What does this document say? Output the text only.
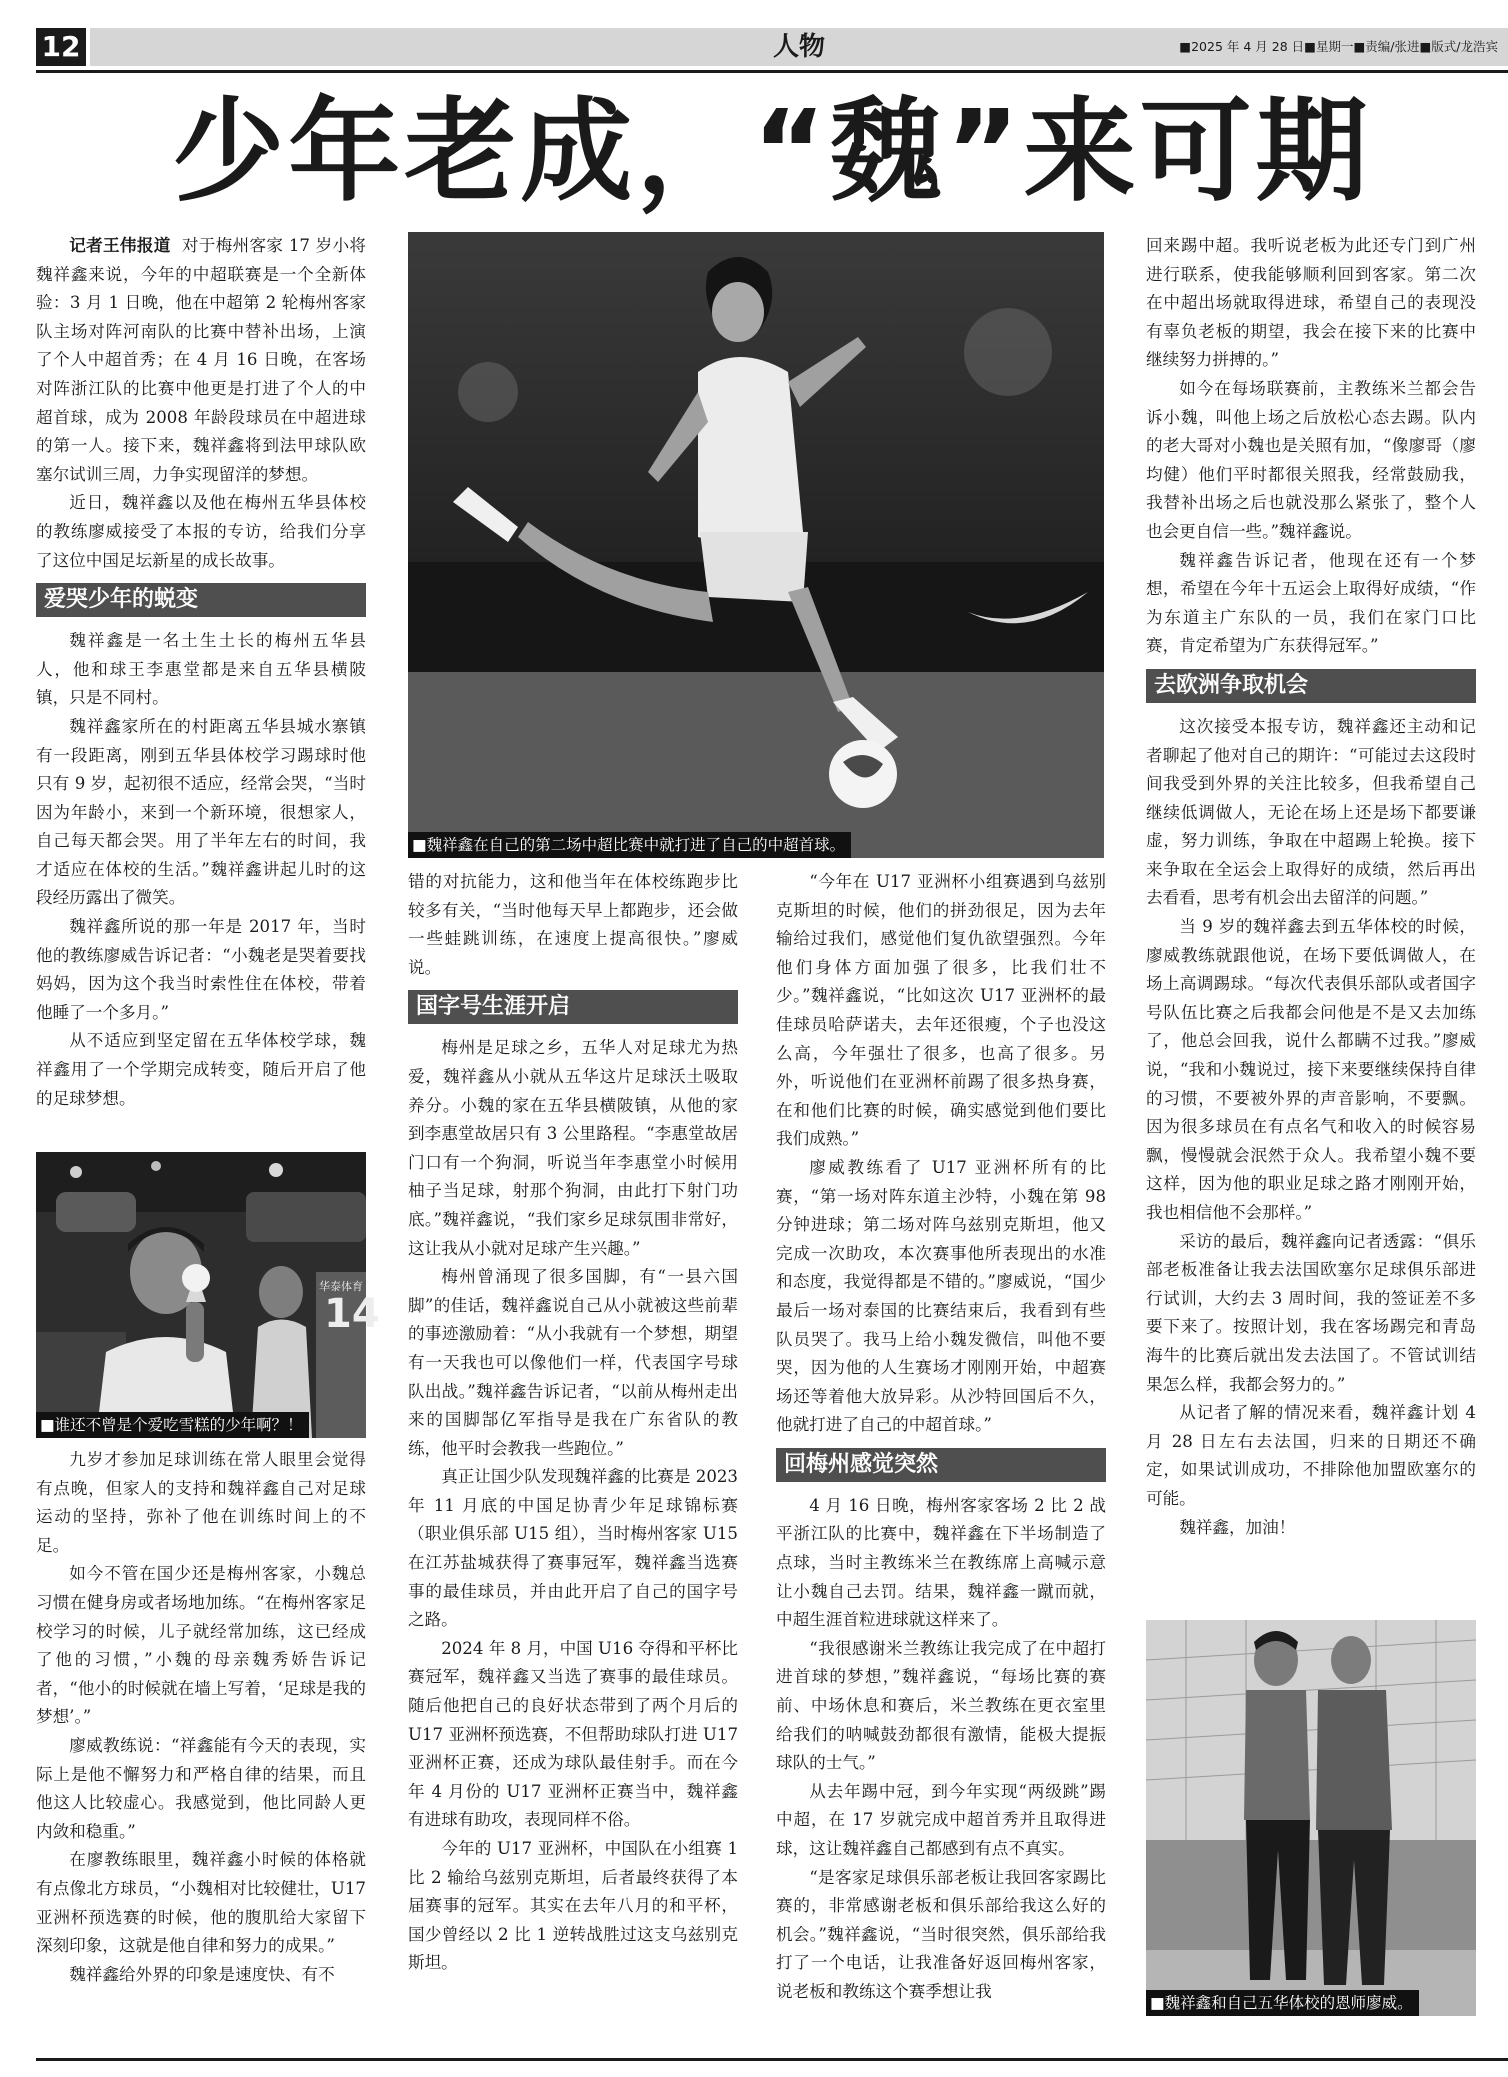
12	人物	■2025 年 4 月 28 日■星期一■责编/张进■版式/龙浩宾
少年老成，“魏”来可期

记者王伟报道 对于梅州客家 17 岁小将魏祥鑫来说，今年的中超联赛是一个全新体验：3 月 1 日晚，他在中超第 2 轮梅州客家队主场对阵河南队的比赛中替补出场，上演了个人中超首秀；在 4 月 16 日晚，在客场对阵浙江队的比赛中他更是打进了个人的中超首球，成为 2008 年龄段球员在中超进球的第一人。接下来，魏祥鑫将到法甲球队欧塞尔试训三周，力争实现留洋的梦想。

近日，魏祥鑫以及他在梅州五华县体校的教练廖威接受了本报的专访，给我们分享了这位中国足坛新星的成长故事。

爱哭少年的蜕变

魏祥鑫是一名土生土长的梅州五华县人，他和球王李惠堂都是来自五华县横陂镇，只是不同村。

魏祥鑫家所在的村距离五华县城水寨镇有一段距离，刚到五华县体校学习踢球时他只有 9 岁，起初很不适应，经常会哭，“当时因为年龄小，来到一个新环境，很想家人，自己每天都会哭。用了半年左右的时间，我才适应在体校的生活。”魏祥鑫讲起儿时的这段经历露出了微笑。

魏祥鑫所说的那一年是 2017 年，当时他的教练廖威告诉记者：“小魏老是哭着要找妈妈，因为这个我当时索性住在体校，带着他睡了一个多月。”

从不适应到坚定留在五华体校学球，魏祥鑫用了一个学期完成转变，随后开启了他的足球梦想。

14
华泰体育
■谁还不曾是个爱吃雪糕的少年啊？！

九岁才参加足球训练在常人眼里会觉得有点晚，但家人的支持和魏祥鑫自己对足球运动的坚持，弥补了他在训练时间上的不足。

如今不管在国少还是梅州客家，小魏总习惯在健身房或者场地加练。“在梅州客家足校学习的时候，儿子就经常加练，这已经成了他的习惯，”小魏的母亲魏秀娇告诉记者，“他小的时候就在墙上写着，‘足球是我的梦想’。”

廖威教练说：“祥鑫能有今天的表现，实际上是他不懈努力和严格自律的结果，而且他这人比较虚心。我感觉到，他比同龄人更内敛和稳重。”

在廖教练眼里，魏祥鑫小时候的体格就有点像北方球员，“小魏相对比较健壮，U17 亚洲杯预选赛的时候，他的腹肌给大家留下深刻印象，这就是他自律和努力的成果。”

魏祥鑫给外界的印象是速度快、有不

■魏祥鑫在自己的第二场中超比赛中就打进了自己的中超首球。

错的对抗能力，这和他当年在体校练跑步比较多有关，“当时他每天早上都跑步，还会做一些蛙跳训练，在速度上提高很快。”廖威说。

国字号生涯开启

梅州是足球之乡，五华人对足球尤为热爱，魏祥鑫从小就从五华这片足球沃土吸取养分。小魏的家在五华县横陂镇，从他的家到李惠堂故居只有 3 公里路程。“李惠堂故居门口有一个狗洞，听说当年李惠堂小时候用柚子当足球，射那个狗洞，由此打下射门功底。”魏祥鑫说，“我们家乡足球氛围非常好，这让我从小就对足球产生兴趣。”

梅州曾涌现了很多国脚，有“一县六国脚”的佳话，魏祥鑫说自己从小就被这些前辈的事迹激励着：“从小我就有一个梦想，期望有一天我也可以像他们一样，代表国字号球队出战。”魏祥鑫告诉记者，“以前从梅州走出来的国脚郜亿军指导是我在广东省队的教练，他平时会教我一些跑位。”

真正让国少队发现魏祥鑫的比赛是 2023 年 11 月底的中国足协青少年足球锦标赛（职业俱乐部 U15 组），当时梅州客家 U15 在江苏盐城获得了赛事冠军，魏祥鑫当选赛事的最佳球员，并由此开启了自己的国字号之路。

2024 年 8 月，中国 U16 夺得和平杯比赛冠军，魏祥鑫又当选了赛事的最佳球员。随后他把自己的良好状态带到了两个月后的 U17 亚洲杯预选赛，不但帮助球队打进 U17 亚洲杯正赛，还成为球队最佳射手。而在今年 4 月份的 U17 亚洲杯正赛当中，魏祥鑫有进球有助攻，表现同样不俗。

今年的 U17 亚洲杯，中国队在小组赛 1 比 2 输给乌兹别克斯坦，后者最终获得了本届赛事的冠军。其实在去年八月的和平杯，国少曾经以 2 比 1 逆转战胜过这支乌兹别克斯坦。

“今年在 U17 亚洲杯小组赛遇到乌兹别克斯坦的时候，他们的拼劲很足，因为去年输给过我们，感觉他们复仇欲望强烈。今年他们身体方面加强了很多，比我们壮不少。”魏祥鑫说，“比如这次 U17 亚洲杯的最佳球员哈萨诺夫，去年还很瘦，个子也没这么高，今年强壮了很多，也高了很多。另外，听说他们在亚洲杯前踢了很多热身赛，在和他们比赛的时候，确实感觉到他们要比我们成熟。”

廖威教练看了 U17 亚洲杯所有的比赛，“第一场对阵东道主沙特，小魏在第 98 分钟进球；第二场对阵乌兹别克斯坦，他又完成一次助攻，本次赛事他所表现出的水准和态度，我觉得都是不错的。”廖威说，“国少最后一场对泰国的比赛结束后，我看到有些队员哭了。我马上给小魏发微信，叫他不要哭，因为他的人生赛场才刚刚开始，中超赛场还等着他大放异彩。从沙特回国后不久，他就打进了自己的中超首球。”

回梅州感觉突然

4 月 16 日晚，梅州客家客场 2 比 2 战平浙江队的比赛中，魏祥鑫在下半场制造了点球，当时主教练米兰在教练席上高喊示意让小魏自己去罚。结果，魏祥鑫一蹴而就，中超生涯首粒进球就这样来了。

“我很感谢米兰教练让我完成了在中超打进首球的梦想，”魏祥鑫说，“每场比赛的赛前、中场休息和赛后，米兰教练在更衣室里给我们的呐喊鼓劲都很有激情，能极大提振球队的士气。”

从去年踢中冠，到今年实现“两级跳”踢中超，在 17 岁就完成中超首秀并且取得进球，这让魏祥鑫自己都感到有点不真实。

“是客家足球俱乐部老板让我回客家踢比赛的，非常感谢老板和俱乐部给我这么好的机会。”魏祥鑫说，“当时很突然，俱乐部给我打了一个电话，让我准备好返回梅州客家，说老板和教练这个赛季想让我

回来踢中超。我听说老板为此还专门到广州进行联系，使我能够顺利回到客家。第二次在中超出场就取得进球，希望自己的表现没有辜负老板的期望，我会在接下来的比赛中继续努力拼搏的。”

如今在每场联赛前，主教练米兰都会告诉小魏，叫他上场之后放松心态去踢。队内的老大哥对小魏也是关照有加，“像廖哥（廖均健）他们平时都很关照我，经常鼓励我，我替补出场之后也就没那么紧张了，整个人也会更自信一些。”魏祥鑫说。

魏祥鑫告诉记者，他现在还有一个梦想，希望在今年十五运会上取得好成绩，“作为东道主广东队的一员，我们在家门口比赛，肯定希望为广东获得冠军。”

去欧洲争取机会

这次接受本报专访，魏祥鑫还主动和记者聊起了他对自己的期许：“可能过去这段时间我受到外界的关注比较多，但我希望自己继续低调做人，无论在场上还是场下都要谦虚，努力训练，争取在中超踢上轮换。接下来争取在全运会上取得好的成绩，然后再出去看看，思考有机会出去留洋的问题。”

当 9 岁的魏祥鑫去到五华体校的时候，廖威教练就跟他说，在场下要低调做人，在场上高调踢球。“每次代表俱乐部队或者国字号队伍比赛之后我都会问他是不是又去加练了，他总会回我，说什么都瞒不过我。”廖威说，“我和小魏说过，接下来要继续保持自律的习惯，不要被外界的声音影响，不要飘。因为很多球员在有点名气和收入的时候容易飘，慢慢就会泯然于众人。我希望小魏不要这样，因为他的职业足球之路才刚刚开始，我也相信他不会那样。”

采访的最后，魏祥鑫向记者透露：“俱乐部老板准备让我去法国欧塞尔足球俱乐部进行试训，大约去 3 周时间，我的签证差不多要下来了。按照计划，我在客场踢完和青岛海牛的比赛后就出发去法国了。不管试训结果怎么样，我都会努力的。”

从记者了解的情况来看，魏祥鑫计划 4 月 28 日左右去法国，归来的日期还不确定，如果试训成功，不排除他加盟欧塞尔的可能。

魏祥鑫，加油！

■魏祥鑫和自己五华体校的恩师廖威。
